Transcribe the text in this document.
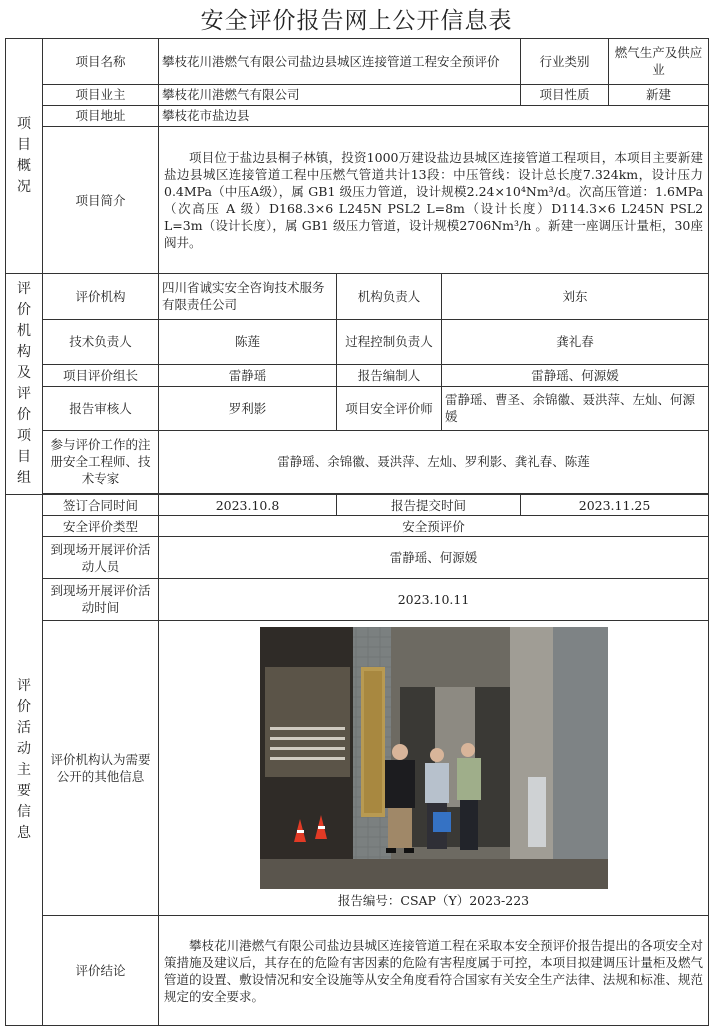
安全评价报告网上公开信息表
项目概况	项目名称	攀枝花川港燃气有限公司盐边县城区连接管道工程安全预评价			行业类别	燃气生产及供应业
	项目业主	攀枝花川港燃气有限公司			项目性质	新建
	项目地址	攀枝花市盐边县				
	项目简介	项目位于盐边县桐子林镇，投资1000万建设盐边县城区连接管道工程项目，本项目主要新建盐边县城区连接管道工程中压燃气管道共计13段：中压管线：设计总长度7.324km，设计压力0.4MPa（中压A级），属 GB1 级压力管道，设计规模2.24×10⁴Nm³/d。次高压管道：1.6MPa（次高压 A 级）D168.3×6 L245N PSL2 L=8m（设计长度）D114.3×6 L245N PSL2 L=3m（设计长度），属 GB1 级压力管道，设计规模2706Nm³/h 。新建一座调压计量柜，30座阀井。				
评价机构及评价项目组	评价机构	四川省诚实安全咨询技术服务有限责任公司	机构负责人	刘东		
	技术负责人	陈莲	过程控制负责人	龚礼春		
	项目评价组长	雷静瑶	报告编制人	雷静瑶、何源媛		
	报告审核人	罗利影	项目安全评价师	雷静瑶、曹圣、余锦徽、聂洪萍、左灿、何源媛		
	参与评价工作的注册安全工程师、技术专家	雷静瑶、余锦徽、聂洪萍、左灿、罗利影、龚礼春、陈莲				

评价活动主要信息	签订合同时间	2023.10.8	报告提交时间		2023.11.25	
	安全评价类型	安全预评价				
	到现场开展评价活动人员	雷静瑶、何源媛				
	到现场开展评价活动时间	2023.10.11				
	评价机构认为需要公开的其他信息	报告编号：CSAP（Y）2023-223				

	评价结论	攀枝花川港燃气有限公司盐边县城区连接管道工程在采取本安全预评价报告提出的各项安全对策措施及建议后，其存在的危险有害因素的危险有害程度属于可控，本项目拟建调压计量柜及燃气管道的设置、敷设情况和安全设施等从安全角度看符合国家有关安全生产法律、法规和标准、规范规定的安全要求。				
